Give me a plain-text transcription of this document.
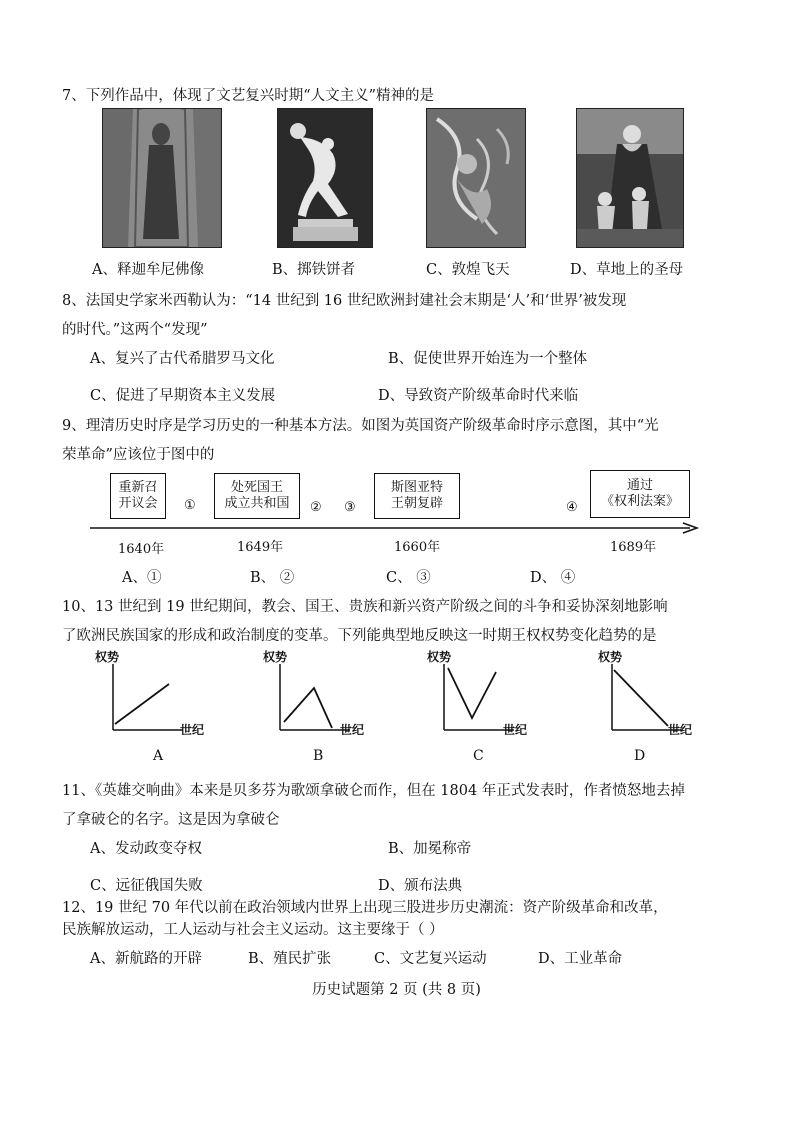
7、下列作品中，体现了文艺复兴时期“人文主义”精神的是
A、释迦牟尼佛像	B、掷铁饼者	C、敦煌飞天	D、草地上的圣母
8、法国史学家米西勒认为：“14 世纪到 16 世纪欧洲封建社会末期是‘人’和‘世界’被发现
的时代。”这两个“发现”
A、复兴了古代希腊罗马文化	B、促使世界开始连为一个整体
C、促进了早期资本主义发展	D、导致资产阶级革命时代来临
9、理清历史时序是学习历史的一种基本方法。如图为英国资产阶级革命时序示意图，其中“光
荣革命”应该位于图中的
重新召
开议会
处死国王
成立共和国
斯图亚特
王朝复辟
通过
《权利法案》
①	② ③	④
1640年	1649年	1660年	1689年
A、①	B、 ②	C、 ③	D、 ④
10、13 世纪到 19 世纪期间，教会、国王、贵族和新兴资产阶级之间的斗争和妥协深刻地影响
了欧洲民族国家的形成和政治制度的变革。下列能典型地反映这一时期王权权势变化趋势的是
权势
世纪
A
权势
世纪
B
权势
世纪
C
权势
世纪
D
11、《英雄交响曲》本来是贝多芬为歌颂拿破仑而作，但在 1804 年正式发表时，作者愤怒地去掉
了拿破仑的名字。这是因为拿破仑
A、发动政变夺权	B、加冕称帝
C、远征俄国失败	D、颁布法典
12、19 世纪 70 年代以前在政治领域内世界上出现三股进步历史潮流：资产阶级革命和改革，
民族解放运动，工人运动与社会主义运动。这主要缘于（ ）
A、新航路的开辟	B、殖民扩张	C、文艺复兴运动	D、工业革命
历史试题第 2 页 (共 8 页)
